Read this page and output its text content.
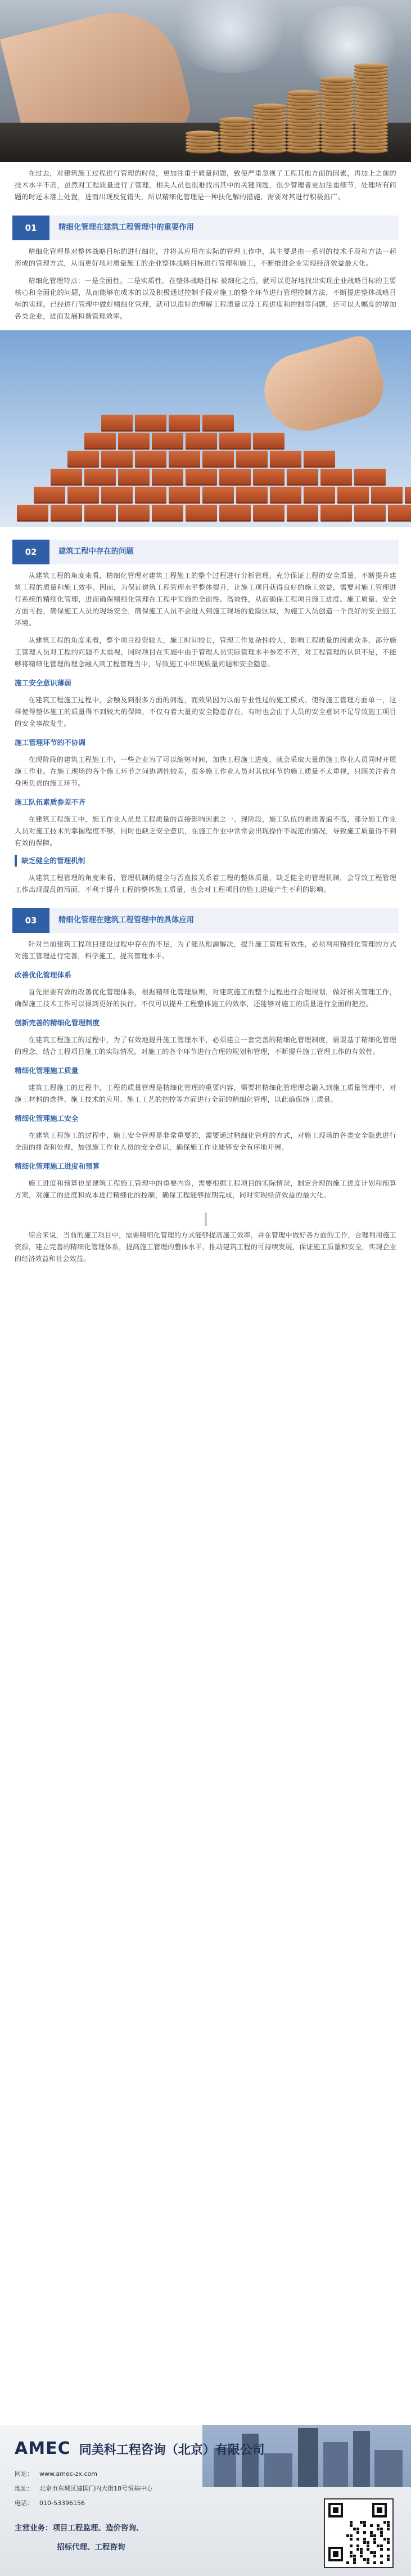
在过去，对建筑施工过程进行管理的时候，更加注重于质量问题，致使严重忽视了工程其他方面的因素，再加上之前的技术水平不高，虽然对工程质量进行了管理，相关人员也很难找出其中的关键问题，很少管理者更加注重细节，处理所有问题的时还未落上处置，进而出现反复错失，所以精细化管理是一种扶化解的措施，需要对其进行积极推广。

01	精细化管理在建筑工程管理中的重要作用

精细化管理是对整体战略目标的进行细化，并将其应用在实际的管理工作中，其主要是由一系列的技术手段和方法一起形成的管理方式，从而更好地对质量施工的企业整体战略目标进行管理和施工，不断推进企业实现经济效益最大化。

精细化管理特点：一是全面性。二是实质性。在整体战略目标 被细化之后，就可以更好地找出实现企业战略目标的主要核心和全面化的问题，从而能够在成本的以及积极通过控制手段对施工的整个环节进行管理控制方法，不断提进整体战略目标的实现。已经进行管理中做好精细化管理，就可以很好的理解工程质量以及工程进度和控制等问题，还可以大幅度的增加各类企业，进而发展和谐管理效率。

02	建筑工程中存在的问题

从建筑工程的角度来看，精细化管理对建筑工程施工的整个过程进行分析管理，充分保证工程的安全质量，不断提升建筑工程的质量和施工效率。因而，为保证建筑工程管理水平整体提升，让施工项目获得良好的施工效益，需要对施工管理进行系统的精细化管理，进而确保精细化管理在工程中实施的全面性、高效性，从而确保工程项目施工进度、施工质量、安全方面可控，确保施工人员的现场安全，确保施工人员不会进入到施工现场的危险区域，为施工人员创造一个良好的安全施工环境。

从建筑工程的角度来看，整个项目投资较大，施工时间较长，管理工作复杂性较大，影响工程质量的因素众多，部分施工管理人员对工程的问题不太重视，同时项目在实施中由于管理人员实际管理水平参差不齐，对工程管理的认识不足，不能够将精细化管理的理念融入到工程管理当中，导致施工中出现质量问题和安全隐患。

施工安全意识薄弱

在建筑工程施工过程中，会触及到很多方面的问题，而效果因为以前专业性过的施工模式、使得施工管理方面单一，这样使得整体施工的质量得不到较大的保障，不仅有着大量的安全隐患存在，有时也会由于人员的安全意识不足导致施工项目的安全事故发生。

施工管理环节的不协调

在现阶段的建筑工程施工中，一些企业为了可以缩短时间，加快工程施工进度，就会采取大量的施工作业人员同时开展施工作业。在施工现场的各个施工环节之间协调性较差，很多施工作业人员对其他环节的施工质量不太重视，只顾关注着自身所负责的施工环节。

施工队伍素质参差不齐

在建筑工程施工中，施工作业人员是工程质量的直接影响因素之一。现阶段，施工队伍的素质普遍不高，部分施工作业人员对施工技术的掌握程度不够，同时也缺乏安全意识，在施工作业中常常会出现操作不规范的情况，导致施工质量得不到有效的保障。

缺乏健全的管理机制

从建筑工程管理的角度来看，管理机制的健全与否直接关系着工程的整体质量，缺乏健全的管理机制，会导致工程管理工作出现混乱的局面，不利于提升工程的整体施工质量，也会对工程项目的施工进度产生不利的影响。

03	精细化管理在建筑工程管理中的具体应用

针对当前建筑工程项目建设过程中存在的不足，为了能从根源解决，提升施工管理有效性，必须利用精细化管理的方式对施工管理进行完善，科学施工，提高管理水平。

改善优化管理体系

首先需要有效的改善优化管理体系，根据精细化管理原则，对建筑施工的整个过程进行合理规划，做好相关管理工作，确保施工技术工作可以得到更好的执行。不仅可以提升工程整体施工的效率，还能够对施工的质量进行全面的把控。

创新完善的精细化管理制度

在建筑工程施工的过程中，为了有效地提升施工管理水平，必须建立一套完善的精细化管理制度，需要基于精细化管理的理念，结合工程项目施工的实际情况，对施工的各个环节进行合理的规划和管理，不断提升施工管理工作的有效性。

精细化管理施工质量

建筑工程施工的过程中，工程的质量管理是精细化管理的重要内容，需要将精细化管理理念融入到施工质量管理中，对施工材料的选择、施工技术的应用、施工工艺的把控等方面进行全面的精细化管理，以此确保施工质量。

精细化管理施工安全

在建筑工程施工的过程中，施工安全管理是非常重要的，需要通过精细化管理的方式，对施工现场的各类安全隐患进行全面的排查和处理，加强施工作业人员的安全意识，确保施工作业能够安全有序地开展。

精细化管理施工进度和预算

施工进度和预算也是建筑工程施工管理中的重要内容，需要根据工程项目的实际情况，制定合理的施工进度计划和预算方案，对施工的进度和成本进行精细化的控制，确保工程能够按期完成，同时实现经济效益的最大化。

综合来说，当前的施工项目中，需要精细化管理的方式能够提高施工效率，并在管理中做好各方面的工作，合理利用施工资源，建立完善的精细化管理体系，提高施工管理的整体水平，推动建筑工程的可持续发展，保证施工质量和安全，实现企业的经济效益和社会效益。

AMEC 同美科工程咨询（北京）有限公司
网址： www.amec-zx.com
地址： 北京市东城区建国门内大街18号恒基中心
电话： 010-53396156
主营业务：项目工程监理、造价咨询、
招标代理、工程咨询
